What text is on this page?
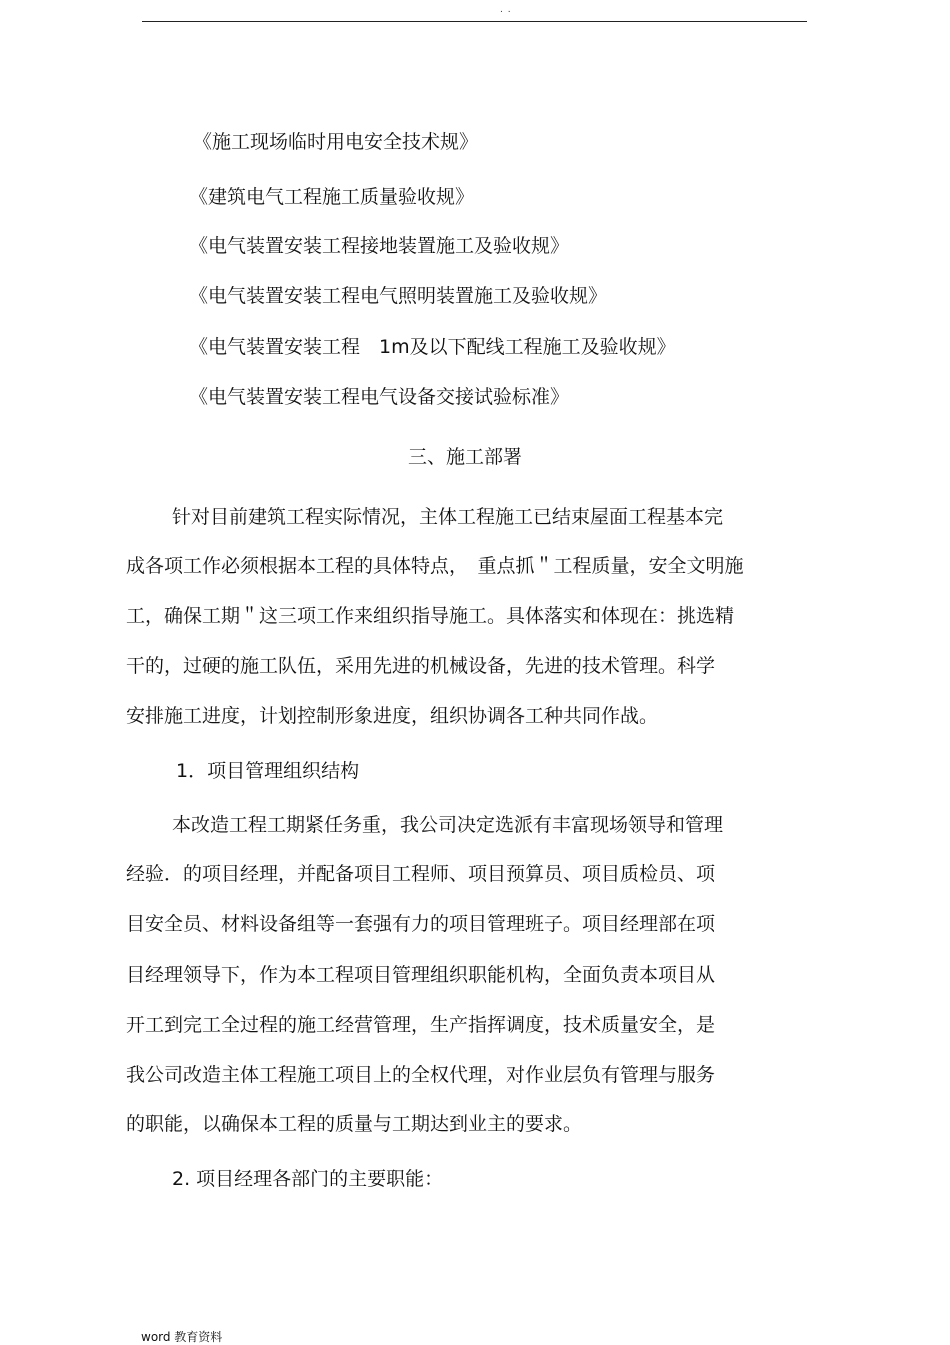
. .
《施工现场临时用电安全技术规》
《建筑电气工程施工质量验收规》
《电气装置安装工程接地装置施工及验收规》
《电气装置安装工程电气照明装置施工及验收规》
《电气装置安装工程　1m及以下配线工程施工及验收规》
《电气装置安装工程电气设备交接试验标准》
三、施工部署
针对目前建筑工程实际情况，主体工程施工已结束屋面工程基本完
成各项工作必须根据本工程的具体特点，　重点抓＂工程质量，安全文明施
工，确保工期＂这三项工作来组织指导施工。具体落实和体现在：挑选精
干的，过硬的施工队伍，采用先进的机械设备，先进的技术管理。科学
安排施工进度，计划控制形象进度，组织协调各工种共同作战。
1．项目管理组织结构
本改造工程工期紧任务重，我公司决定选派有丰富现场领导和管理
经验．的项目经理，并配备项目工程师、项目预算员、项目质检员、项
目安全员、材料设备组等一套强有力的项目管理班子。项目经理部在项
目经理领导下，作为本工程项目管理组织职能机构，全面负责本项目从
开工到完工全过程的施工经营管理，生产指挥调度，技术质量安全，是
我公司改造主体工程施工项目上的全权代理，对作业层负有管理与服务
的职能，以确保本工程的质量与工期达到业主的要求。
2. 项目经理各部门的主要职能：
word 教育资料
